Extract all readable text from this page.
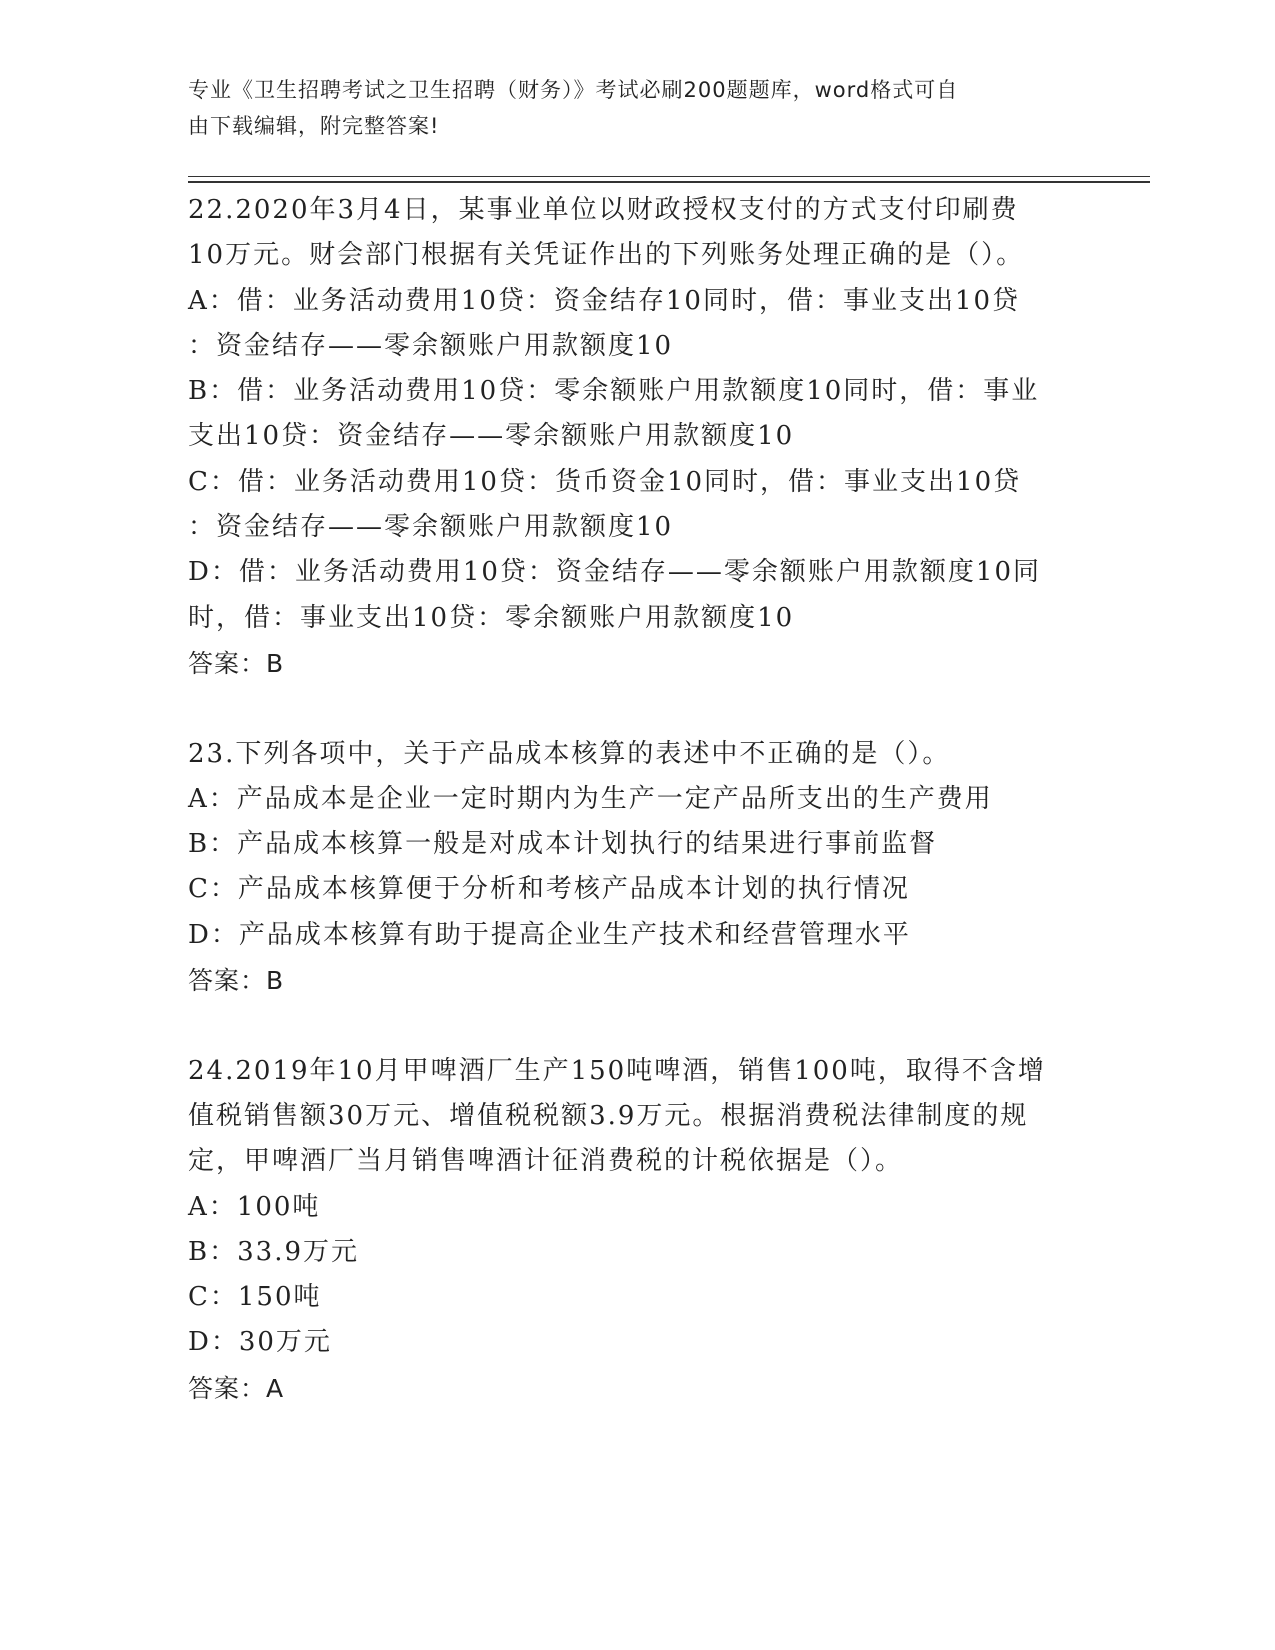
专业《卫生招聘考试之卫生招聘（财务）》考试必刷200题题库，word格式可自
由下载编辑，附完整答案!
22.2020年3月4日，某事业单位以财政授权支付的方式支付印刷费
10万元。财会部门根据有关凭证作出的下列账务处理正确的是（）。
A：借：业务活动费用10贷：资金结存10同时，借：事业支出10贷
：资金结存——零余额账户用款额度10
B：借：业务活动费用10贷：零余额账户用款额度10同时，借：事业
支出10贷：资金结存——零余额账户用款额度10
C：借：业务活动费用10贷：货币资金10同时，借：事业支出10贷
：资金结存——零余额账户用款额度10
D：借：业务活动费用10贷：资金结存——零余额账户用款额度10同
时，借：事业支出10贷：零余额账户用款额度10
答案：B
23.下列各项中，关于产品成本核算的表述中不正确的是（）。
A：产品成本是企业一定时期内为生产一定产品所支出的生产费用
B：产品成本核算一般是对成本计划执行的结果进行事前监督
C：产品成本核算便于分析和考核产品成本计划的执行情况
D：产品成本核算有助于提高企业生产技术和经营管理水平
答案：B
24.2019年10月甲啤酒厂生产150吨啤酒，销售100吨，取得不含增
值税销售额30万元、增值税税额3.9万元。根据消费税法律制度的规
定，甲啤酒厂当月销售啤酒计征消费税的计税依据是（）。
A：100吨
B：33.9万元
C：150吨
D：30万元
答案：A
